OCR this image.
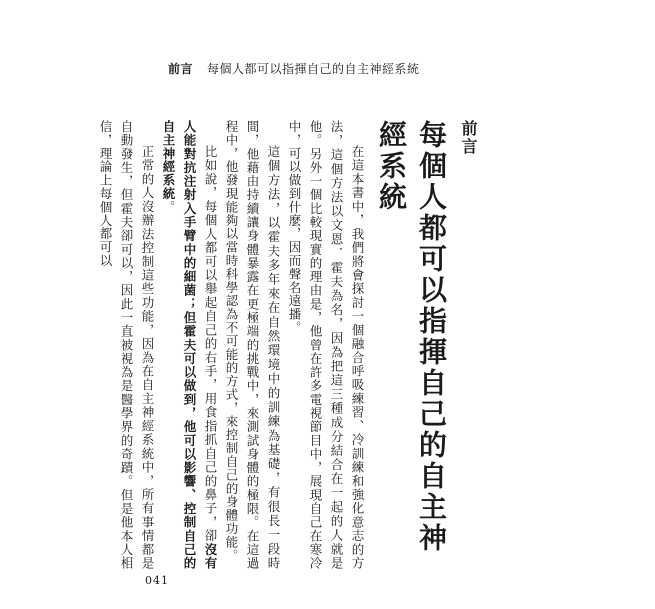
前言 每個人都可以指揮自己的自主神經系統
前言
每個人都可以指揮自己的自主神經系統

在這本書中，我們將會探討一個融合呼吸練習、冷訓練和強化意志的方法，這個方法以文恩．霍夫為名，因為把這三種成分結合在一起的人就是他。另外一個比較現實的理由是，他曾在許多電視節目中，展現自己在寒冷中，可以做到什麼，因而聲名遠播。

這個方法，以霍夫多年來在自然環境中的訓練為基礎，有很長一段時間，他藉由持續讓身體暴露在更極端的挑戰中，來測試身體的極限。在這過程中，他發現能夠以當時科學認為不可能的方式，來控制自己的身體功能。

比如說，每個人都可以舉起自己的右手，用食指抓自己的鼻子，卻沒有人能對抗注射入手臂中的細菌；但霍夫可以做到，他可以影響、控制自己的自主神經系統。

正常的人沒辦法控制這些功能，因為在自主神經系統中，所有事情都是自動發生，但霍夫卻可以，因此一直被視為是醫學界的奇蹟。但是他本人相信，理論上每個人都可以

041
